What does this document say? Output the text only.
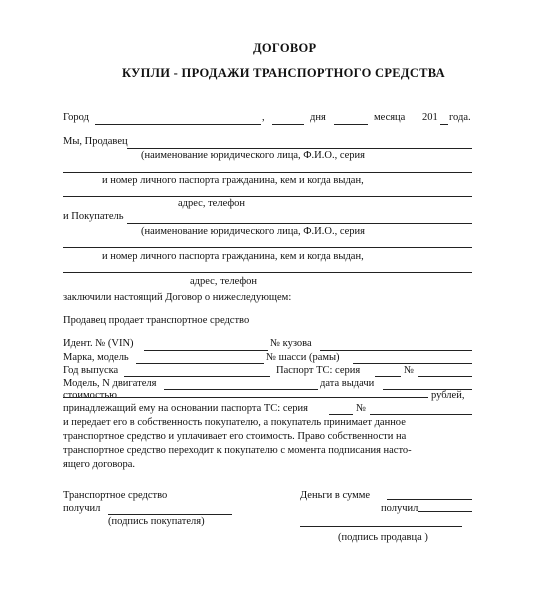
ДОГОВОР
КУПЛИ - ПРОДАЖИ ТРАНСПОРТНОГО СРЕДСТВА
Город	,	дня	месяца 201 года.
Мы, Продавец
(наименование юридического лица, Ф.И.О., серия
и номер личного паспорта гражданина, кем и когда выдан,
адрес, телефон
и Покупатель
(наименование юридического лица, Ф.И.О., серия
и номер личного паспорта гражданина, кем и когда выдан,
адрес, телефон
заключили настоящий Договор о нижеследующем:
Продавец продает транспортное средство
Идент. № (VIN)	№ кузова
Марка, модель	№ шасси (рамы)
Год выпуска	Паспорт ТС: серия	№
Модель, N двигателя	дата выдачи
стоимостью	рублей,
принадлежащий ему на основании паспорта ТС: серия	№
и передает его в собственность покупателю, а покупатель принимает данное
транспортное средство и уплачивает его стоимость. Право собственности на
транспортное средство переходит к покупателю с момента подписания насто-
ящего договора.
Транспортное средство
получил
(подпись покупателя)
Деньги в сумме
получил
(подпись продавца )
